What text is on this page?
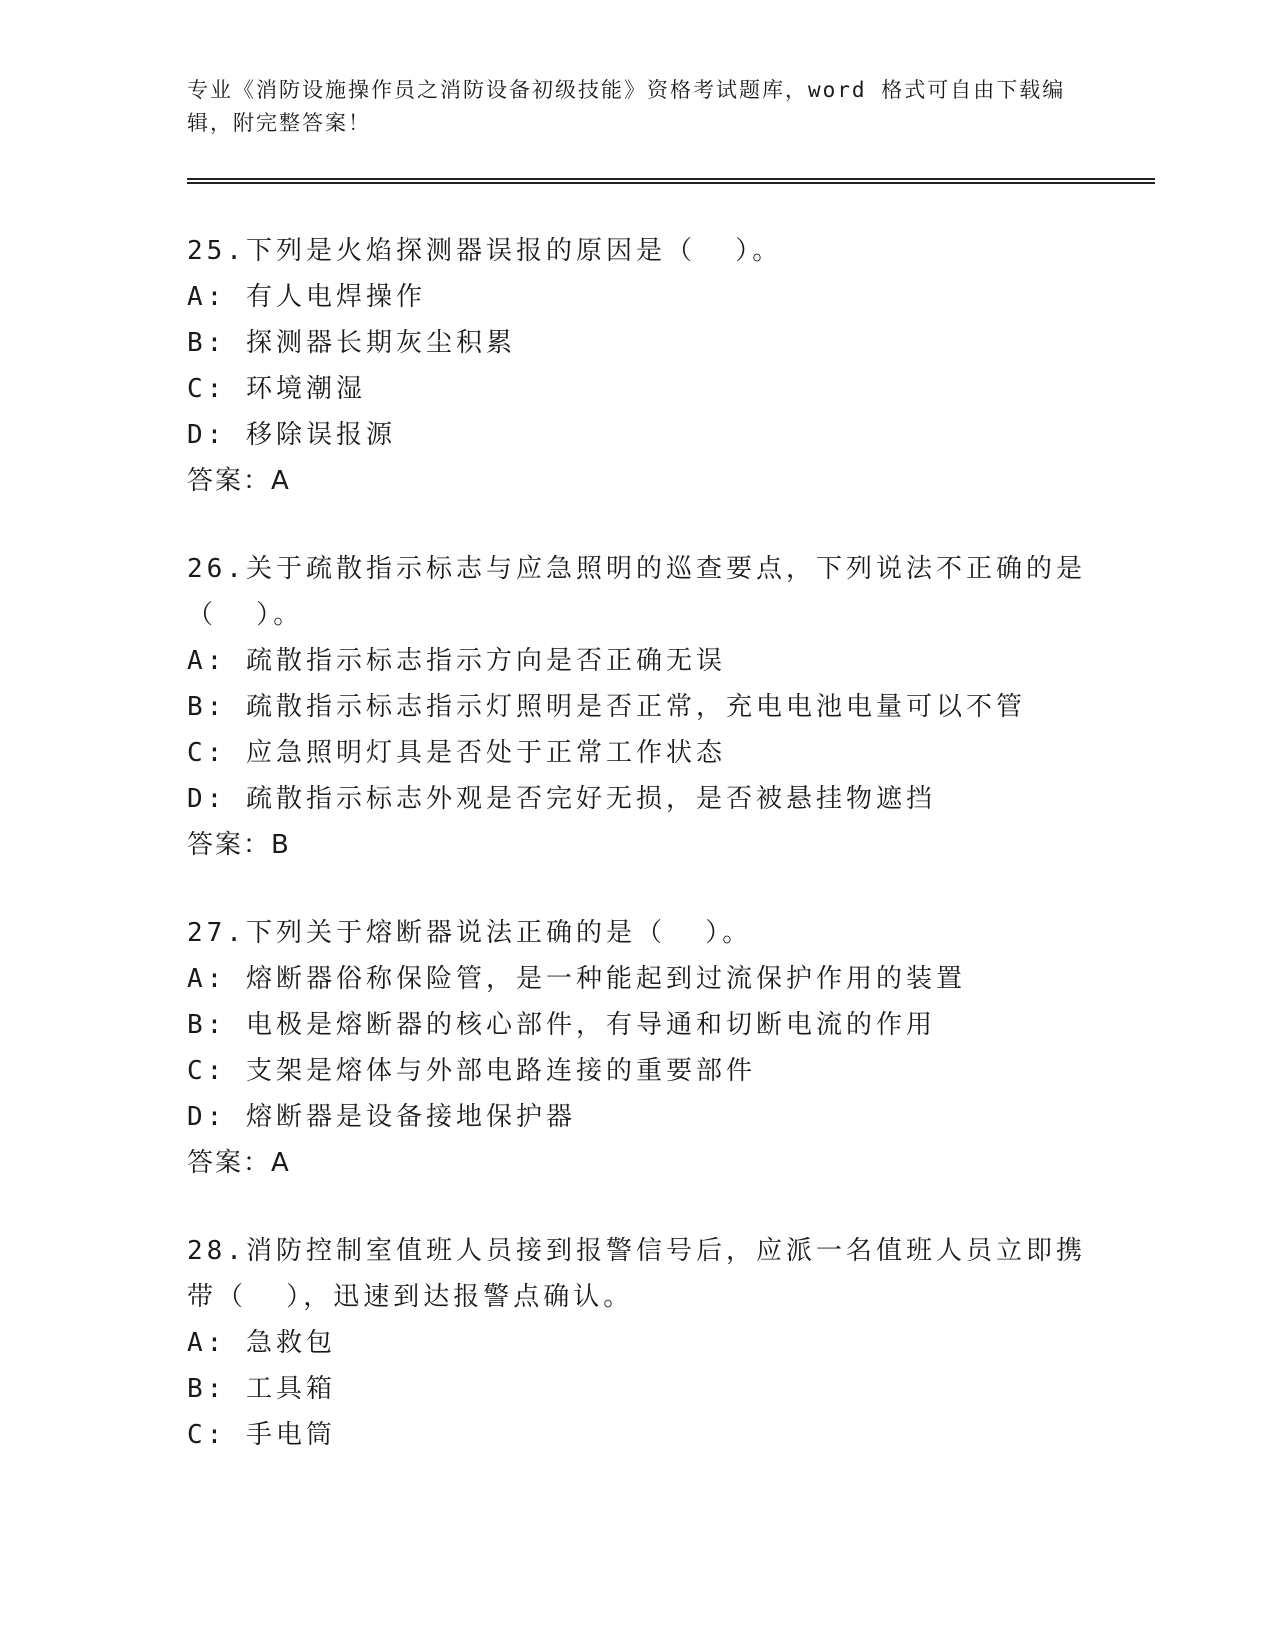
专业《消防设施操作员之消防设备初级技能》资格考试题库，word 格式可自由下载编辑，附完整答案！
25.下列是火焰探测器误报的原因是（  ）。
A: 有人电焊操作
B: 探测器长期灰尘积累
C: 环境潮湿
D: 移除误报源
答案：A
26.关于疏散指示标志与应急照明的巡查要点，下列说法不正确的是（  ）。
A: 疏散指示标志指示方向是否正确无误
B: 疏散指示标志指示灯照明是否正常，充电电池电量可以不管
C: 应急照明灯具是否处于正常工作状态
D: 疏散指示标志外观是否完好无损，是否被悬挂物遮挡
答案：B
27.下列关于熔断器说法正确的是（  ）。
A: 熔断器俗称保险管，是一种能起到过流保护作用的装置
B: 电极是熔断器的核心部件，有导通和切断电流的作用
C: 支架是熔体与外部电路连接的重要部件
D: 熔断器是设备接地保护器
答案：A
28.消防控制室值班人员接到报警信号后，应派一名值班人员立即携带（  ），迅速到达报警点确认。
A: 急救包
B: 工具箱
C: 手电筒
